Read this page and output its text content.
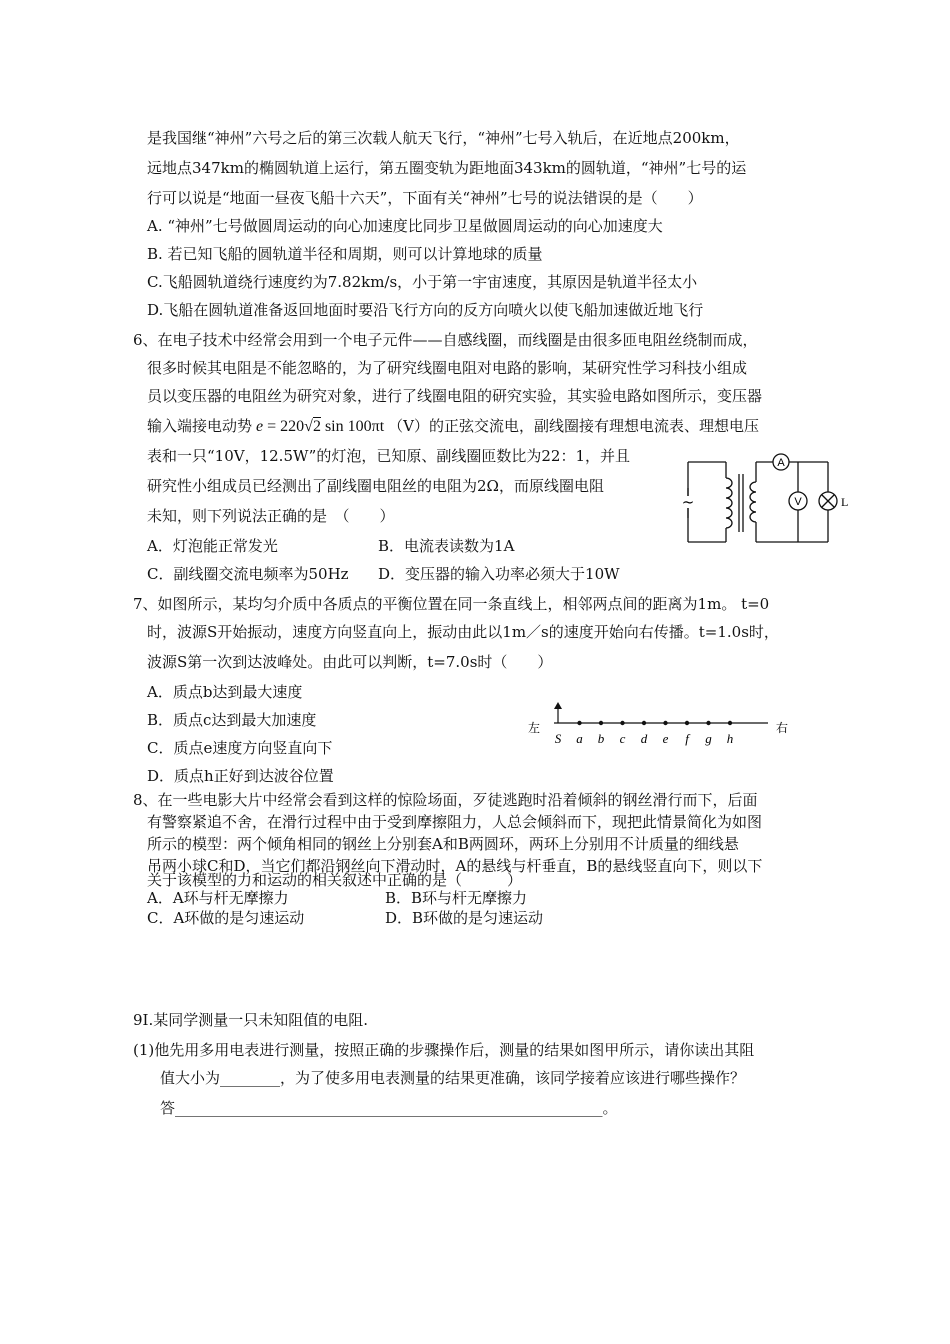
是我国继“神州”六号之后的第三次载人航天飞行，“神州”七号入轨后，在近地点200km，
远地点347km的椭圆轨道上运行，第五圈变轨为距地面343km的圆轨道，“神州”七号的运
行可以说是“地面一昼夜飞船十六天”，下面有关“神州”七号的说法错误的是（　　）
A. “神州”七号做圆周运动的向心加速度比同步卫星做圆周运动的向心加速度大
B. 若已知飞船的圆轨道半径和周期，则可以计算地球的质量
C.飞船圆轨道绕行速度约为7.82km/s，小于第一宇宙速度，其原因是轨道半径太小
D.飞船在圆轨道准备返回地面时要沿飞行方向的反方向喷火以使飞船加速做近地飞行
6、在电子技术中经常会用到一个电子元件——自感线圈，而线圈是由很多匝电阻丝绕制而成，
很多时候其电阻是不能忽略的，为了研究线圈电阻对电路的影响，某研究性学习科技小组成
员以变压器的电阻丝为研究对象，进行了线圈电阻的研究实验，其实验电路如图所示，变压器
输入端接电动势 e = 220√2 sin 100πt （V）的正弦交流电，副线圈接有理想电流表、理想电压
表和一只“10V，12.5W”的灯泡，已知原、副线圈匝数比为22：1，并且
研究性小组成员已经测出了副线圈电阻丝的电阻为2Ω，而原线圈电阻
未知，则下列说法正确的是　（　　）
A．灯泡能正常发光	B．电流表读数为1A
C．副线圈交流电频率为50Hz D．变压器的输入功率必须大于10W
~
A
V	L
7、如图所示，某均匀介质中各质点的平衡位置在同一条直线上，相邻两点间的距离为1m。 t=0
时，波源S开始振动，速度方向竖直向上，振动由此以1m／s的速度开始向右传播。t=1.0s时，
波源S第一次到达波峰处。由此可以判断，t=7.0s时（　　）
A．质点b达到最大速度
B．质点c达到最大加速度
C．质点e速度方向竖直向下
D．质点h正好到达波谷位置
左	右
S a b c d e f g h
8、在一些电影大片中经常会看到这样的惊险场面，歹徒逃跑时沿着倾斜的钢丝滑行而下，后面
有警察紧追不舍，在滑行过程中由于受到摩擦阻力，人总会倾斜而下，现把此情景简化为如图
所示的模型：两个倾角相同的钢丝上分别套A和B两圆环，两环上分别用不计质量的细线悬
吊两小球C和D，当它们都沿钢丝向下滑动时，A的悬线与杆垂直，B的悬线竖直向下，则以下
关于该模型的力和运动的相关叙述中正确的是（　　　）
A．A环与杆无摩擦力	B．B环与杆无摩擦力
C．A环做的是匀速运动	D．B环做的是匀速运动
9Ⅰ.某同学测量一只未知阻值的电阻.
(1)他先用多用电表进行测量，按照正确的步骤操作后，测量的结果如图甲所示，请你读出其阻
值大小为________，为了使多用电表测量的结果更准确，该同学接着应该进行哪些操作？
答_________________________________________________________。
